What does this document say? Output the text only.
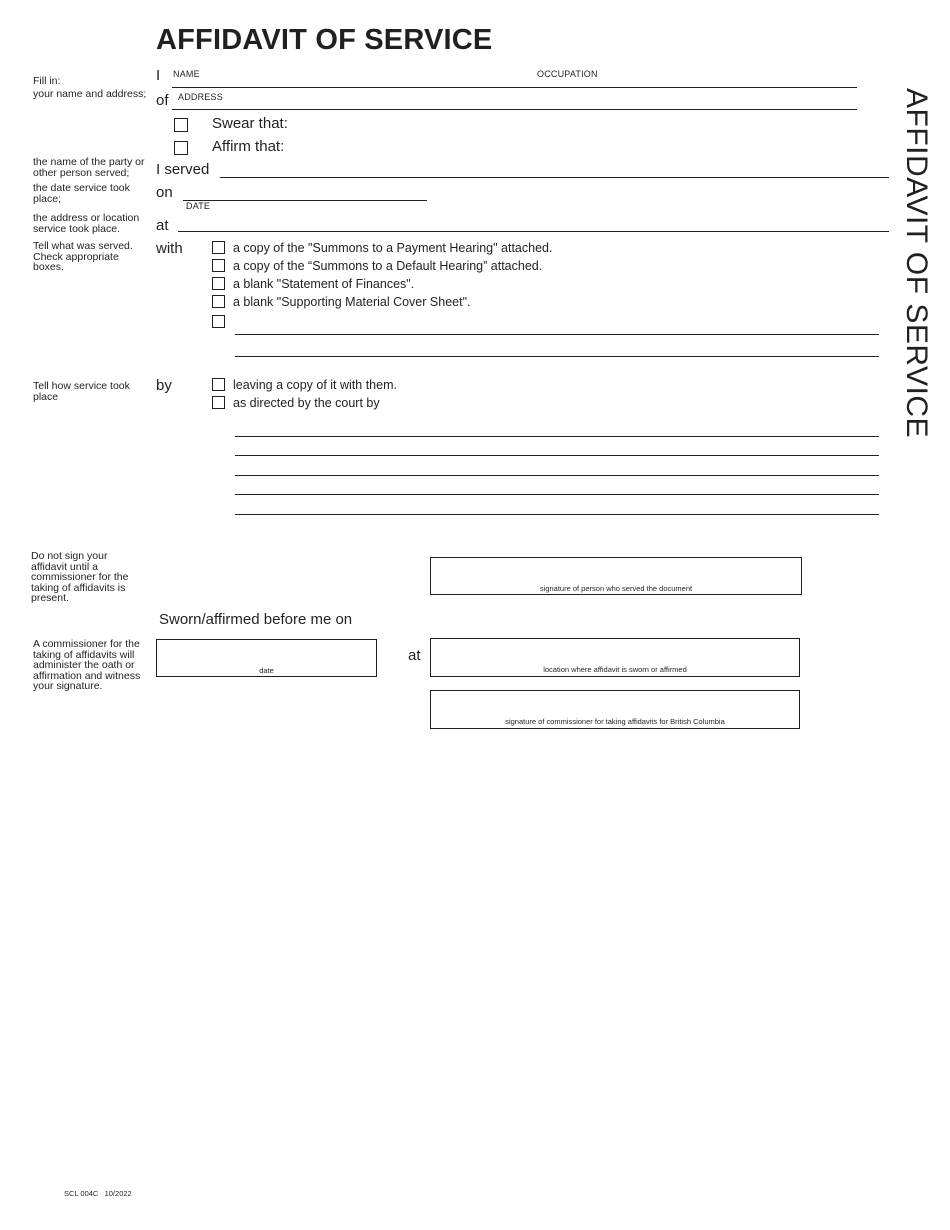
AFFIDAVIT OF SERVICE
AFFIDAVIT OF SERVICE
Fill in:
your name and address;
the name of the party or other person served;
the date service took place;
the address or location service took place.
Tell what was served. Check appropriate boxes.
Tell how service took place
Do not sign your affidavit until a commissioner for the taking of affidavits is present.
A commissioner for the taking of affidavits will administer the oath or affirmation and witness your signature.
I NAME	OCCUPATION
of ADDRESS
Swear that:
Affirm that:
I served
on
DATE
at
with	a copy of the "Summons to a Payment Hearing" attached.
a copy of the “Summons to a Default Hearing” attached.
a blank "Statement of Finances".
a blank "Supporting Material Cover Sheet".
by	leaving a copy of it with them.
as directed by the court by
signature of person who served the document
Sworn/affirmed before me on
date
at
location where affidavit is sworn or affirmed
signature of commissioner for taking affidavits for British Columbia
SCL 004C 10/2022
